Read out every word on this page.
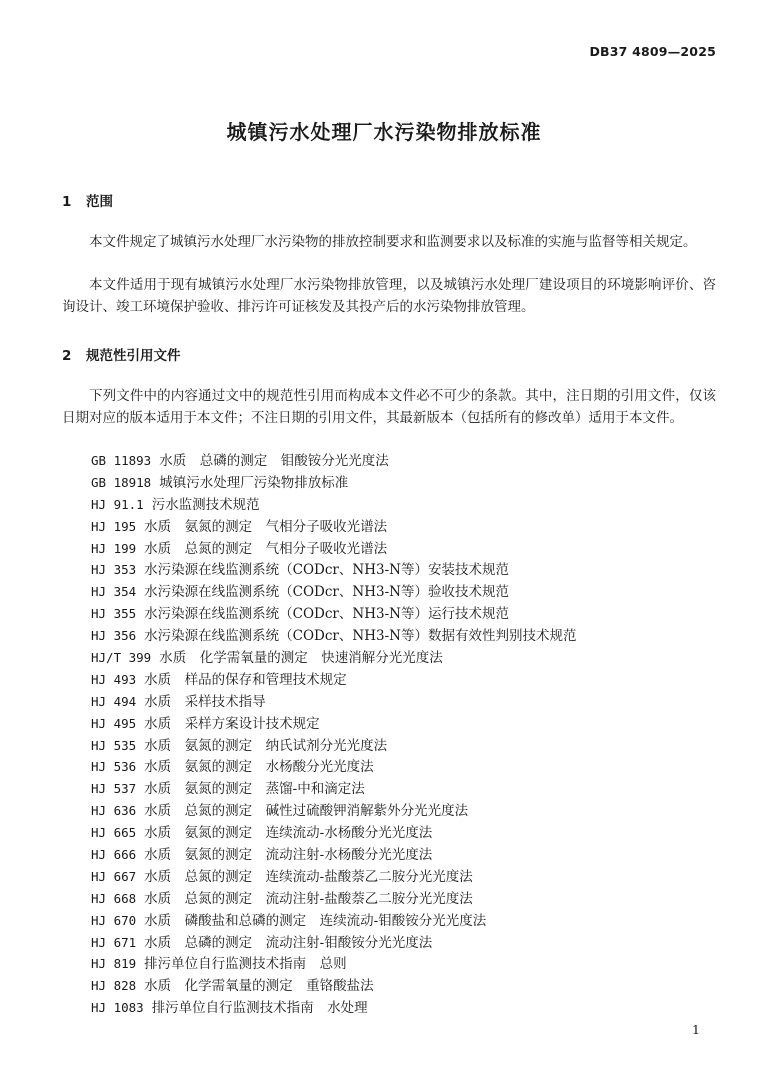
DB37 4809—2025
城镇污水处理厂水污染物排放标准
1 范围

本文件规定了城镇污水处理厂水污染物的排放控制要求和监测要求以及标准的实施与监督等相关规定。

本文件适用于现有城镇污水处理厂水污染物排放管理，以及城镇污水处理厂建设项目的环境影响评价、咨询设计、竣工环境保护验收、排污许可证核发及其投产后的水污染物排放管理。

2 规范性引用文件

下列文件中的内容通过文中的规范性引用而构成本文件必不可少的条款。其中，注日期的引用文件，仅该日期对应的版本适用于本文件；不注日期的引用文件，其最新版本（包括所有的修改单）适用于本文件。

GB 11893 水质　总磷的测定　钼酸铵分光光度法
GB 18918 城镇污水处理厂污染物排放标准
HJ 91.1 污水监测技术规范
HJ 195 水质　氨氮的测定　气相分子吸收光谱法
HJ 199 水质　总氮的测定　气相分子吸收光谱法
HJ 353 水污染源在线监测系统（CODcr、NH3-N等）安装技术规范
HJ 354 水污染源在线监测系统（CODcr、NH3-N等）验收技术规范
HJ 355 水污染源在线监测系统（CODcr、NH3-N等）运行技术规范
HJ 356 水污染源在线监测系统（CODcr、NH3-N等）数据有效性判别技术规范
HJ/T 399 水质　化学需氧量的测定　快速消解分光光度法
HJ 493 水质　样品的保存和管理技术规定
HJ 494 水质　采样技术指导
HJ 495 水质　采样方案设计技术规定
HJ 535 水质　氨氮的测定　纳氏试剂分光光度法
HJ 536 水质　氨氮的测定　水杨酸分光光度法
HJ 537 水质　氨氮的测定　蒸馏-中和滴定法
HJ 636 水质　总氮的测定　碱性过硫酸钾消解紫外分光光度法
HJ 665 水质　氨氮的测定　连续流动-水杨酸分光光度法
HJ 666 水质　氨氮的测定　流动注射-水杨酸分光光度法
HJ 667 水质　总氮的测定　连续流动-盐酸萘乙二胺分光光度法
HJ 668 水质　总氮的测定　流动注射-盐酸萘乙二胺分光光度法
HJ 670 水质　磷酸盐和总磷的测定　连续流动-钼酸铵分光光度法
HJ 671 水质　总磷的测定　流动注射-钼酸铵分光光度法
HJ 819 排污单位自行监测技术指南　总则
HJ 828 水质　化学需氧量的测定　重铬酸盐法
HJ 1083 排污单位自行监测技术指南　水处理
1
